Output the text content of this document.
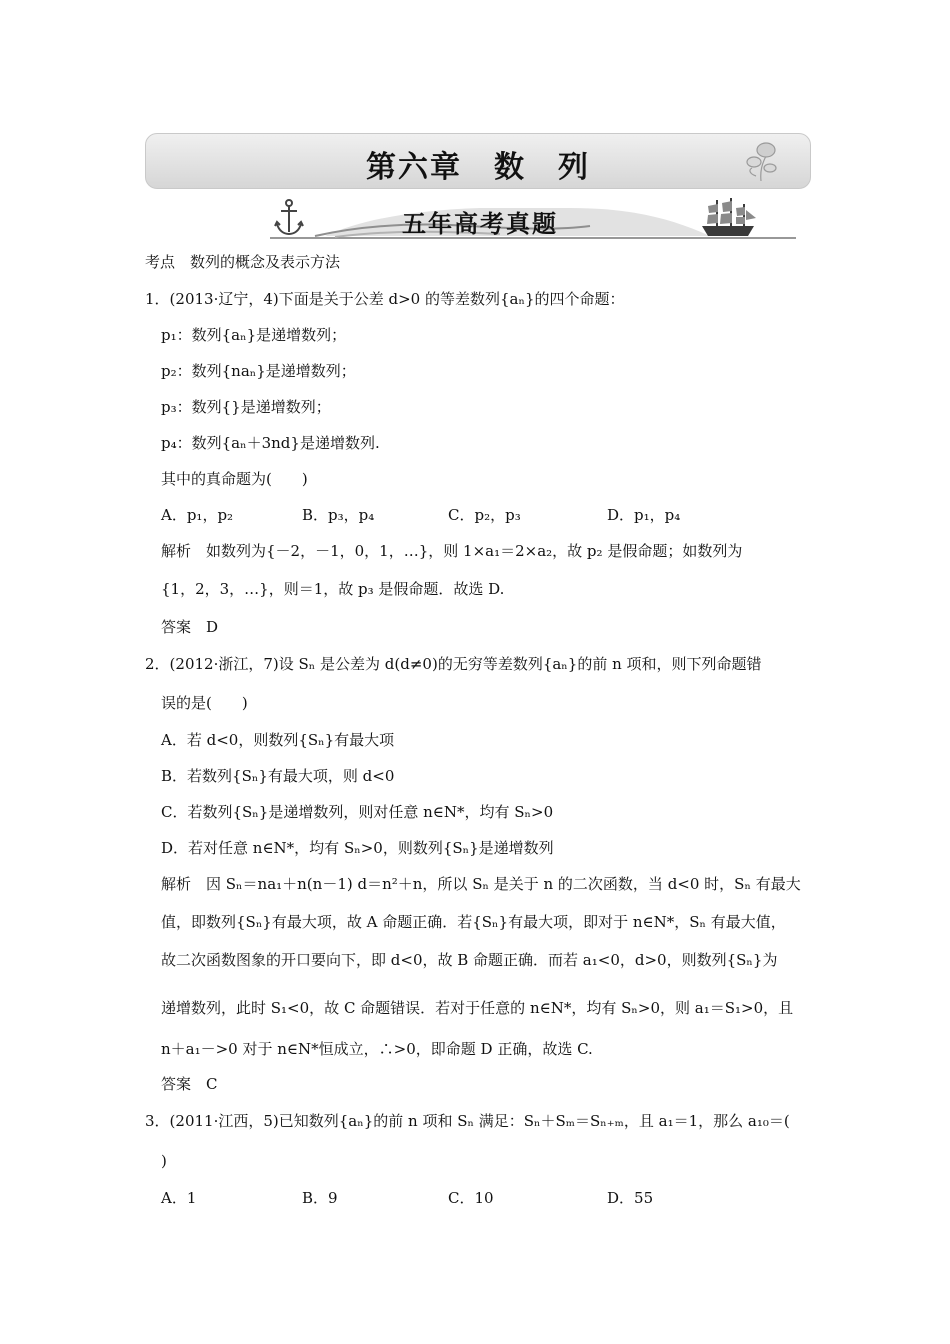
第六章　数　列
五年高考真题
考点　数列的概念及表示方法
1．(2013·辽宁，4)下面是关于公差 d>0 的等差数列{aₙ}的四个命题：
p₁：数列{aₙ}是递增数列；
p₂：数列{naₙ}是递增数列；
p₃：数列{}是递增数列；
p₄：数列{aₙ＋3nd}是递增数列.
其中的真命题为(　　)
A．p₁，p₂	B．p₃，p₄	C．p₂，p₃	D．p₁，p₄
解析　如数列为{－2，－1，0，1，…}，则 1×a₁＝2×a₂，故 p₂ 是假命题；如数列为
{1，2，3，…}，则＝1，故 p₃ 是假命题．故选 D.
答案　D
2．(2012·浙江，7)设 Sₙ 是公差为 d(d≠0)的无穷等差数列{aₙ}的前 n 项和，则下列命题错
误的是(　　)
A．若 d<0，则数列{Sₙ}有最大项
B．若数列{Sₙ}有最大项，则 d<0
C．若数列{Sₙ}是递增数列，则对任意 n∈N*，均有 Sₙ>0
D．若对任意 n∈N*，均有 Sₙ>0，则数列{Sₙ}是递增数列
解析　因 Sₙ＝na₁＋n(n－1) d＝n²＋n，所以 Sₙ 是关于 n 的二次函数，当 d<0 时，Sₙ 有最大
值，即数列{Sₙ}有最大项，故 A 命题正确．若{Sₙ}有最大项，即对于 n∈N*，Sₙ 有最大值，
故二次函数图象的开口要向下，即 d<0，故 B 命题正确．而若 a₁<0，d>0，则数列{Sₙ}为
递增数列，此时 S₁<0，故 C 命题错误．若对于任意的 n∈N*，均有 Sₙ>0，则 a₁＝S₁>0，且
n＋a₁－>0 对于 n∈N*恒成立，∴>0，即命题 D 正确，故选 C.
答案　C
3．(2011·江西，5)已知数列{aₙ}的前 n 项和 Sₙ 满足：Sₙ＋Sₘ＝Sₙ₊ₘ，且 a₁＝1，那么 a₁₀＝(
)
A．1	B．9	C．10	D．55
